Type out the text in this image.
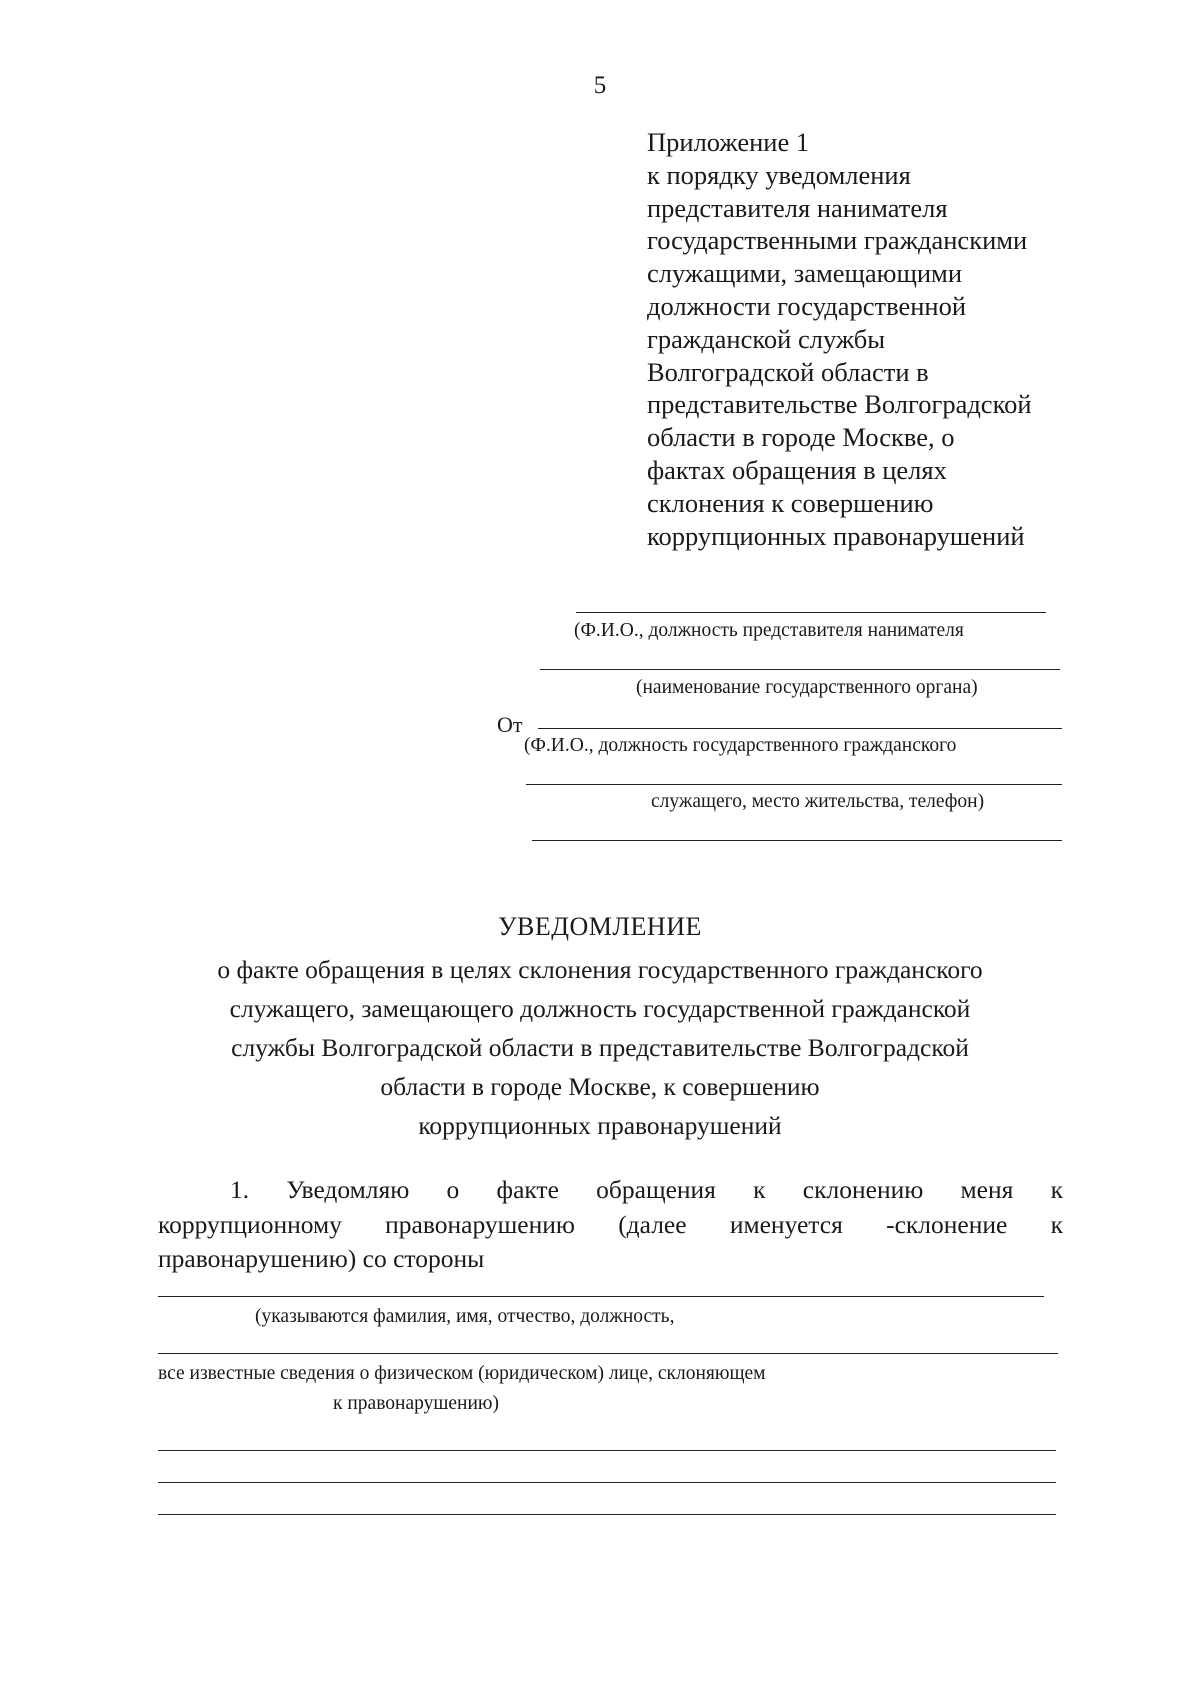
5
Приложение 1
к порядку уведомления
представителя нанимателя
государственными гражданскими
служащими, замещающими
должности государственной
гражданской службы
Волгоградской области в
представительстве Волгоградской
области в городе Москве, о
фактах обращения в целях
склонения к совершению
коррупционных правонарушений
(Ф.И.О., должность представителя нанимателя
(наименование государственного органа)
От
(Ф.И.О., должность государственного гражданского
служащего, место жительства, телефон)
УВЕДОМЛЕНИЕ
о факте обращения в целях склонения государственного гражданского
служащего, замещающего должность государственной гражданской
службы Волгоградской области в представительстве Волгоградской
области в городе Москве, к совершению
коррупционных правонарушений
1. Уведомляю о факте обращения к склонению меня к
коррупционному правонарушению (далее именуется -склонение к
правонарушению) со стороны
(указываются фамилия, имя, отчество, должность,
все известные сведения о физическом (юридическом) лице, склоняющем
к правонарушению)
